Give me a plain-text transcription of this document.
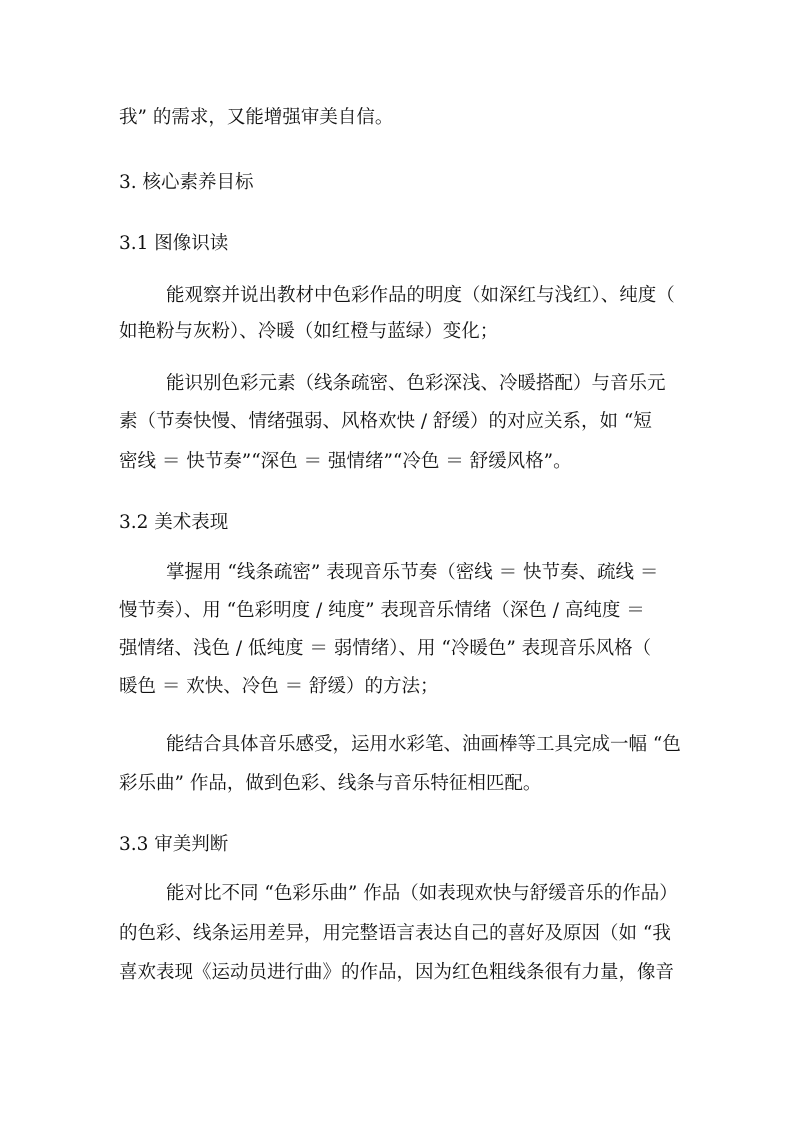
我” 的需求，又能增强审美自信。
3. 核心素养目标
3.1 图像识读
能观察并说出教材中色彩作品的明度（如深红与浅红）、纯度（
如艳粉与灰粉）、冷暖（如红橙与蓝绿）变化；
能识别色彩元素（线条疏密、色彩深浅、冷暖搭配）与音乐元
素（节奏快慢、情绪强弱、风格欢快 / 舒缓）的对应关系，如 “短
密线 ＝ 快节奏”“深色 ＝ 强情绪”“冷色 ＝ 舒缓风格”。
3.2 美术表现
掌握用 “线条疏密” 表现音乐节奏（密线 ＝ 快节奏、疏线 ＝
慢节奏）、用 “色彩明度 / 纯度” 表现音乐情绪（深色 / 高纯度 ＝
强情绪、浅色 / 低纯度 ＝ 弱情绪）、用 “冷暖色” 表现音乐风格（
暖色 ＝ 欢快、冷色 ＝ 舒缓）的方法；
能结合具体音乐感受，运用水彩笔、油画棒等工具完成一幅 “色
彩乐曲” 作品，做到色彩、线条与音乐特征相匹配。
3.3 审美判断
能对比不同 “色彩乐曲” 作品（如表现欢快与舒缓音乐的作品）
的色彩、线条运用差异，用完整语言表达自己的喜好及原因（如 “我
喜欢表现《运动员进行曲》的作品，因为红色粗线条很有力量，像音
